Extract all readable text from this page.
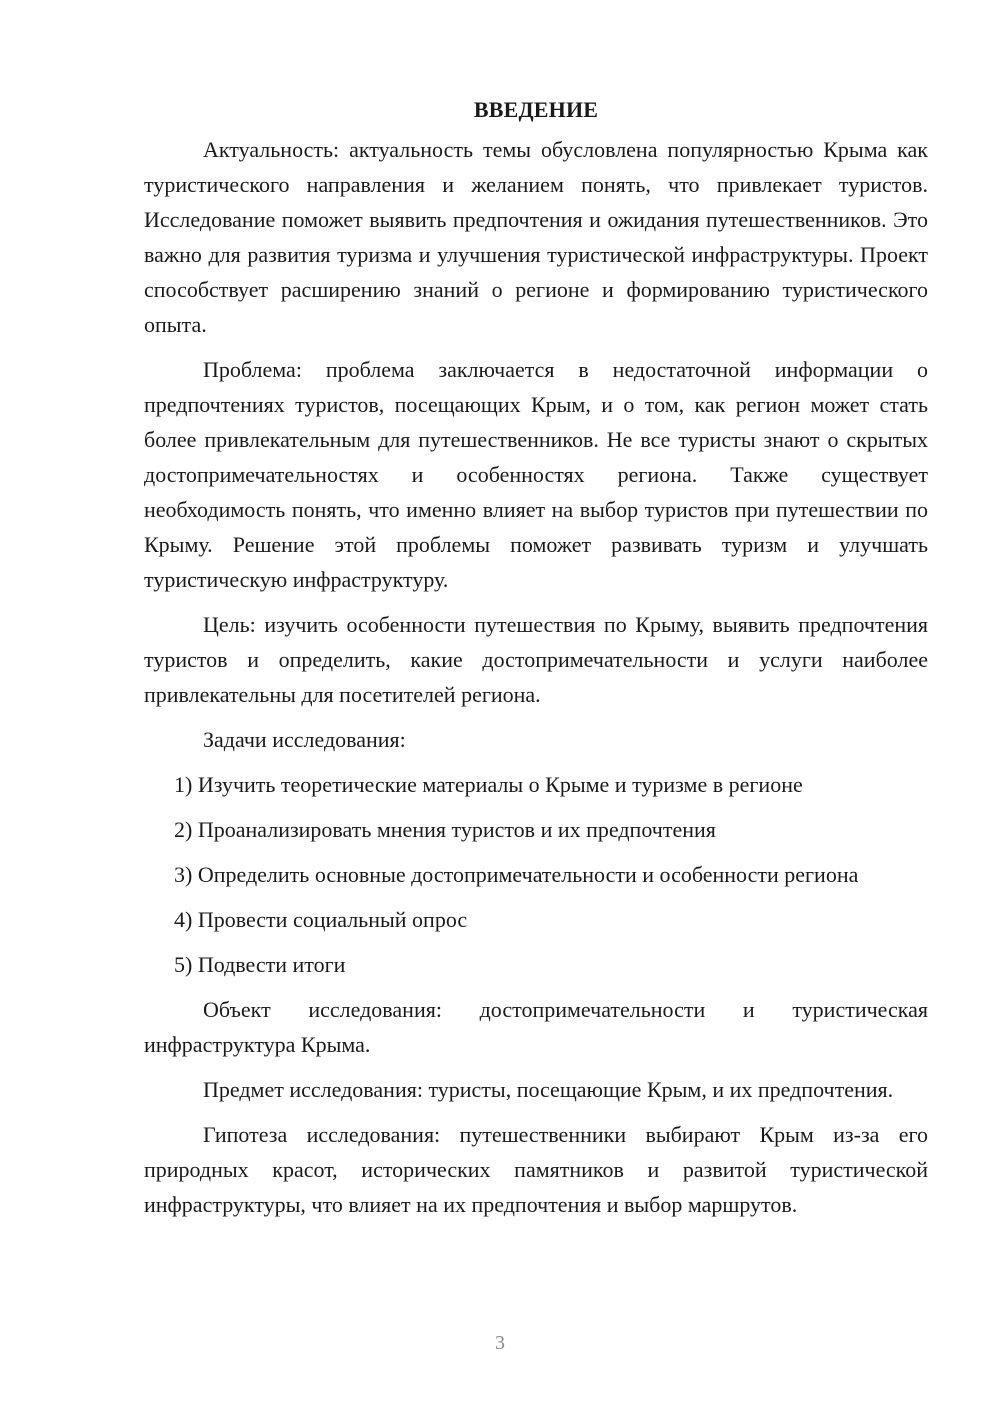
ВВЕДЕНИЕ

Актуальность: актуальность темы обусловлена популярностью Крыма как туристического направления и желанием понять, что привлекает туристов. Исследование поможет выявить предпочтения и ожидания путешественников. Это важно для развития туризма и улучшения туристической инфраструктуры. Проект способствует расширению знаний о регионе и формированию туристического опыта.

Проблема: проблема заключается в недостаточной информации о предпочтениях туристов, посещающих Крым, и о том, как регион может стать более привлекательным для путешественников. Не все туристы знают о скрытых достопримечательностях и особенностях региона. Также существует необходимость понять, что именно влияет на выбор туристов при путешествии по Крыму. Решение этой проблемы поможет развивать туризм и улучшать туристическую инфраструктуру.

Цель: изучить особенности путешествия по Крыму, выявить предпочтения туристов и определить, какие достопримечательности и услуги наиболее привлекательны для посетителей региона.

Задачи исследования:

1) Изучить теоретические материалы о Крыме и туризме в регионе

2) Проанализировать мнения туристов и их предпочтения

3) Определить основные достопримечательности и особенности региона

4) Провести социальный опрос

5) Подвести итоги

Объект исследования: достопримечательности и туристическая инфраструктура Крыма.

Предмет исследования: туристы, посещающие Крым, и их предпочтения.

Гипотеза исследования: путешественники выбирают Крым из-за его природных красот, исторических памятников и развитой туристической инфраструктуры, что влияет на их предпочтения и выбор маршрутов.

3
